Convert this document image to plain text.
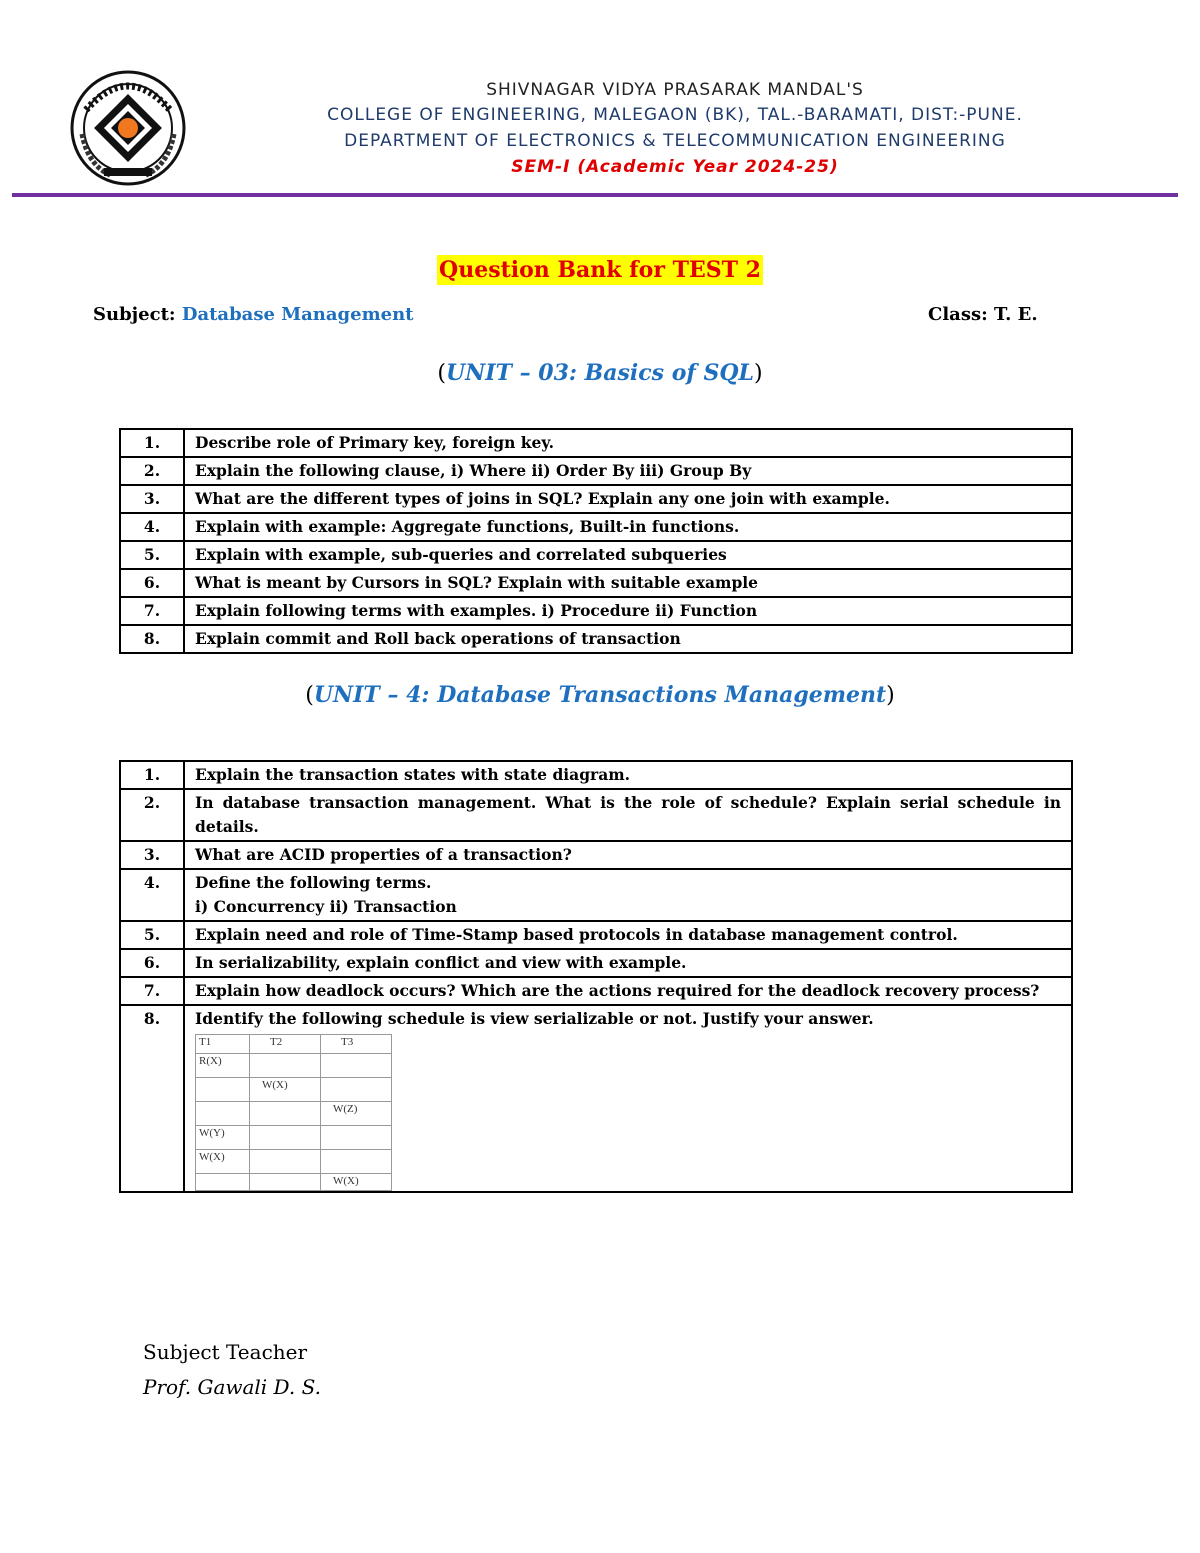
SHIVNAGAR VIDYA PRASARAK MANDAL'S
COLLEGE OF ENGINEERING, MALEGAON (BK), TAL.-BARAMATI, DIST:-PUNE.
DEPARTMENT OF ELECTRONICS & TELECOMMUNICATION ENGINEERING
SEM-I (Academic Year 2024-25)
Question Bank for TEST 2
Subject: Database Management	Class: T. E.
(UNIT – 03: Basics of SQL)
1.	Describe role of Primary key, foreign key.
2.	Explain the following clause, i) Where ii) Order By iii) Group By
3.	What are the different types of joins in SQL? Explain any one join with example.
4.	Explain with example: Aggregate functions, Built-in functions.
5.	Explain with example, sub-queries and correlated subqueries
6.	What is meant by Cursors in SQL? Explain with suitable example
7.	Explain following terms with examples. i) Procedure ii) Function
8.	Explain commit and Roll back operations of transaction
(UNIT – 4: Database Transactions Management)
1.	Explain the transaction states with state diagram.
2.	In database transaction management. What is the role of schedule? Explain serial schedule in details.
3.	What are ACID properties of a transaction?
4.	Define the following terms.
i) Concurrency ii) Transaction

5.	Explain need and role of Time-Stamp based protocols in database management control.
6.	In serializability, explain conflict and view with example.
7.	Explain how deadlock occurs? Which are the actions required for the deadlock recovery process?
8.	Identify the following schedule is view serializable or not. Justify your answer.
T1	T2	T3
R(X)		
	W(X)	
		W(Z)
W(Y)		
W(X)		
		W(X)
Subject Teacher
Prof. Gawali D. S.
